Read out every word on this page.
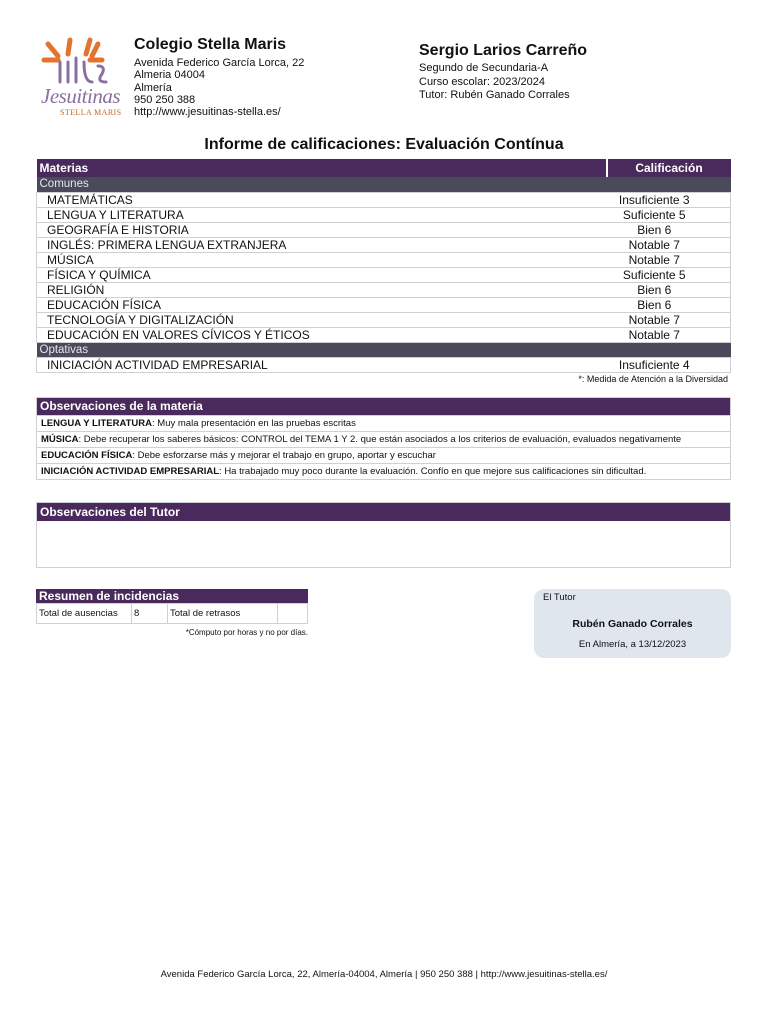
Jesuitinas
STELLA MARIS
Colegio Stella Maris
Avenida Federico García Lorca, 22
Almeria 04004
Almería
950 250 388
http://www.jesuitinas-stella.es/
Sergio Larios Carreño
Segundo de Secundaria-A
Curso escolar: 2023/2024
Tutor: Rubén Ganado Corrales
Informe de calificaciones: Evaluación Contínua
Materias	Calificación
Comunes	
MATEMÁTICAS	Insuficiente 3
LENGUA Y LITERATURA	Suficiente 5
GEOGRAFÍA E HISTORIA	Bien 6
INGLÉS: PRIMERA LENGUA EXTRANJERA	Notable 7
MÚSICA	Notable 7
FÍSICA Y QUÍMICA	Suficiente 5
RELIGIÓN	Bien 6
EDUCACIÓN FÍSICA	Bien 6
TECNOLOGÍA Y DIGITALIZACIÓN	Notable 7
EDUCACIÓN EN VALORES CÍVICOS Y ÉTICOS	Notable 7
Optativas	
INICIACIÓN ACTIVIDAD EMPRESARIAL	Insuficiente 4
*: Medida de Atención a la Diversidad
Observaciones de la materia
LENGUA Y LITERATURA: Muy mala presentación en las pruebas escritas
MÚSICA: Debe recuperar los saberes básicos: CONTROL del TEMA 1 Y 2. que están asociados a los criterios de evaluación, evaluados negativamente
EDUCACIÓN FÍSICA: Debe esforzarse más y mejorar el trabajo en grupo, aportar y escuchar
INICIACIÓN ACTIVIDAD EMPRESARIAL: Ha trabajado muy poco durante la evaluación. Confío en que mejore sus calificaciones sin dificultad.
Observaciones del Tutor
Resumen de incidencias
Total de ausencias	8	Total de retrasos	
*Cómputo por horas y no por días.
El Tutor
Rubén Ganado Corrales
En Almería, a 13/12/2023
Avenida Federico García Lorca, 22, Almería-04004, Almería | 950 250 388 | http://www.jesuitinas-stella.es/
